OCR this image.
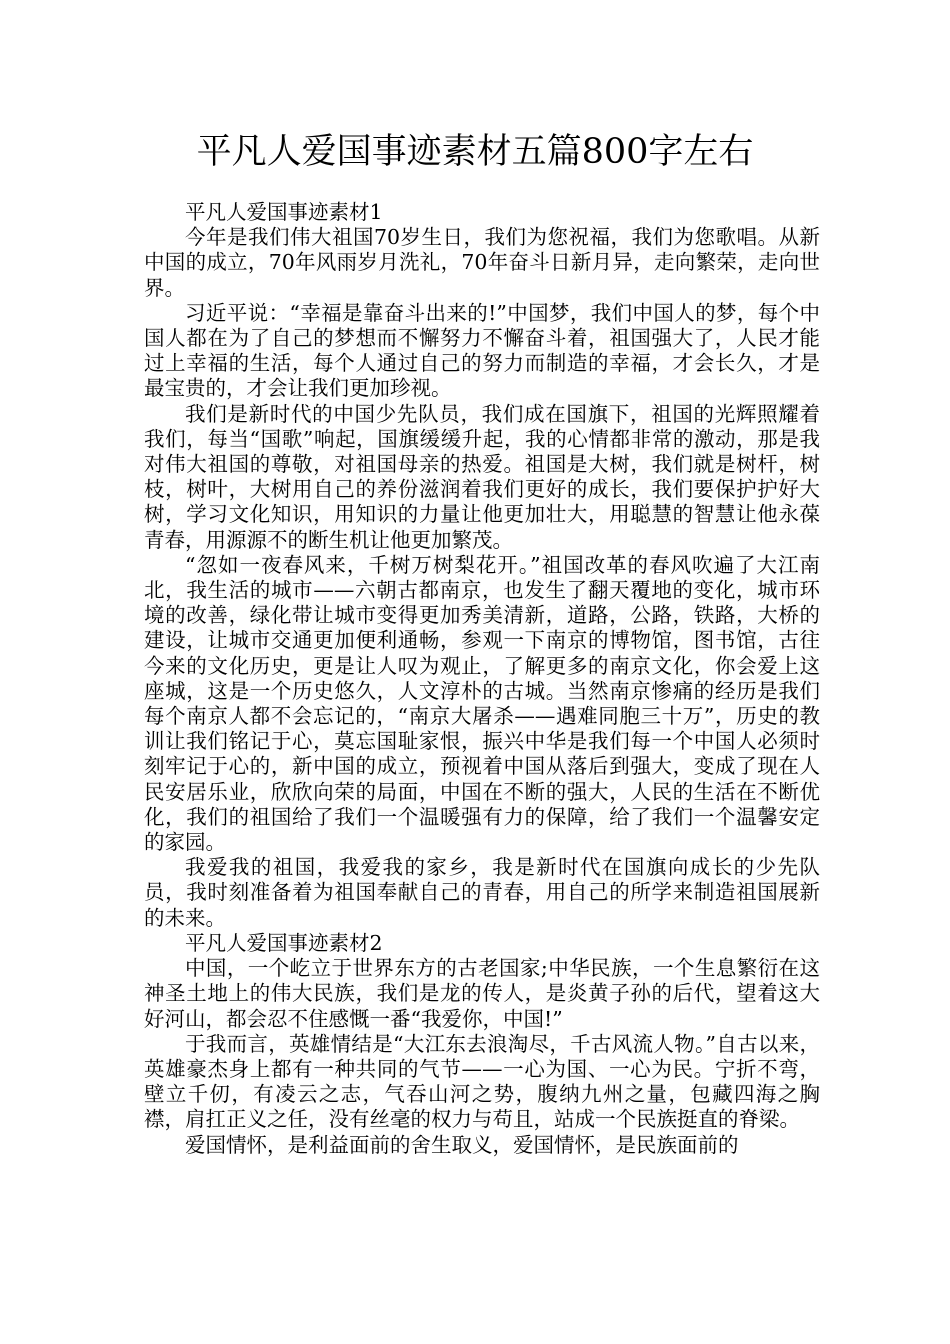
平凡人爱国事迹素材五篇800字左右

平凡人爱国事迹素材1

今年是我们伟大祖国70岁生日，我们为您祝福，我们为您歌唱。从新中国的成立，70年风雨岁月洗礼，70年奋斗日新月异，走向繁荣，走向世界。

习近平说：“幸福是靠奋斗出来的!”中国梦，我们中国人的梦，每个中国人都在为了自己的梦想而不懈努力不懈奋斗着，祖国强大了，人民才能过上幸福的生活，每个人通过自己的努力而制造的幸福，才会长久，才是最宝贵的，才会让我们更加珍视。

我们是新时代的中国少先队员，我们成在国旗下，祖国的光辉照耀着我们，每当“国歌”响起，国旗缓缓升起，我的心情都非常的激动，那是我对伟大祖国的尊敬，对祖国母亲的热爱。祖国是大树，我们就是树杆，树枝，树叶，大树用自己的养份滋润着我们更好的成长，我们要保护护好大树，学习文化知识，用知识的力量让他更加壮大，用聪慧的智慧让他永葆青春，用源源不的断生机让他更加繁茂。

“忽如一夜春风来，千树万树梨花开。”祖国改革的春风吹遍了大江南北，我生活的城市——六朝古都南京，也发生了翻天覆地的变化，城市环境的改善，绿化带让城市变得更加秀美清新，道路，公路，铁路，大桥的建设，让城市交通更加便利通畅，参观一下南京的博物馆，图书馆，古往今来的文化历史，更是让人叹为观止，了解更多的南京文化，你会爱上这座城，这是一个历史悠久，人文淳朴的古城。当然南京惨痛的经历是我们每个南京人都不会忘记的，“南京大屠杀——遇难同胞三十万”，历史的教训让我们铭记于心，莫忘国耻家恨，振兴中华是我们每一个中国人必须时刻牢记于心的，新中国的成立，预视着中国从落后到强大，变成了现在人民安居乐业，欣欣向荣的局面，中国在不断的强大，人民的生活在不断优化，我们的祖国给了我们一个温暖强有力的保障，给了我们一个温馨安定的家园。

我爱我的祖国，我爱我的家乡，我是新时代在国旗向成长的少先队员，我时刻准备着为祖国奉献自己的青春，用自己的所学来制造祖国展新的未来。

平凡人爱国事迹素材2

中国，一个屹立于世界东方的古老国家;中华民族，一个生息繁衍在这神圣土地上的伟大民族，我们是龙的传人，是炎黄子孙的后代，望着这大好河山，都会忍不住感慨一番“我爱你，中国!”

于我而言，英雄情结是“大江东去浪淘尽，千古风流人物。”自古以来，英雄豪杰身上都有一种共同的气节——一心为国、一心为民。宁折不弯，壁立千仞，有凌云之志，气吞山河之势，腹纳九州之量，包藏四海之胸襟，肩扛正义之任，没有丝毫的权力与苟且，站成一个民族挺直的脊梁。

爱国情怀，是利益面前的舍生取义，爱国情怀，是民族面前的
